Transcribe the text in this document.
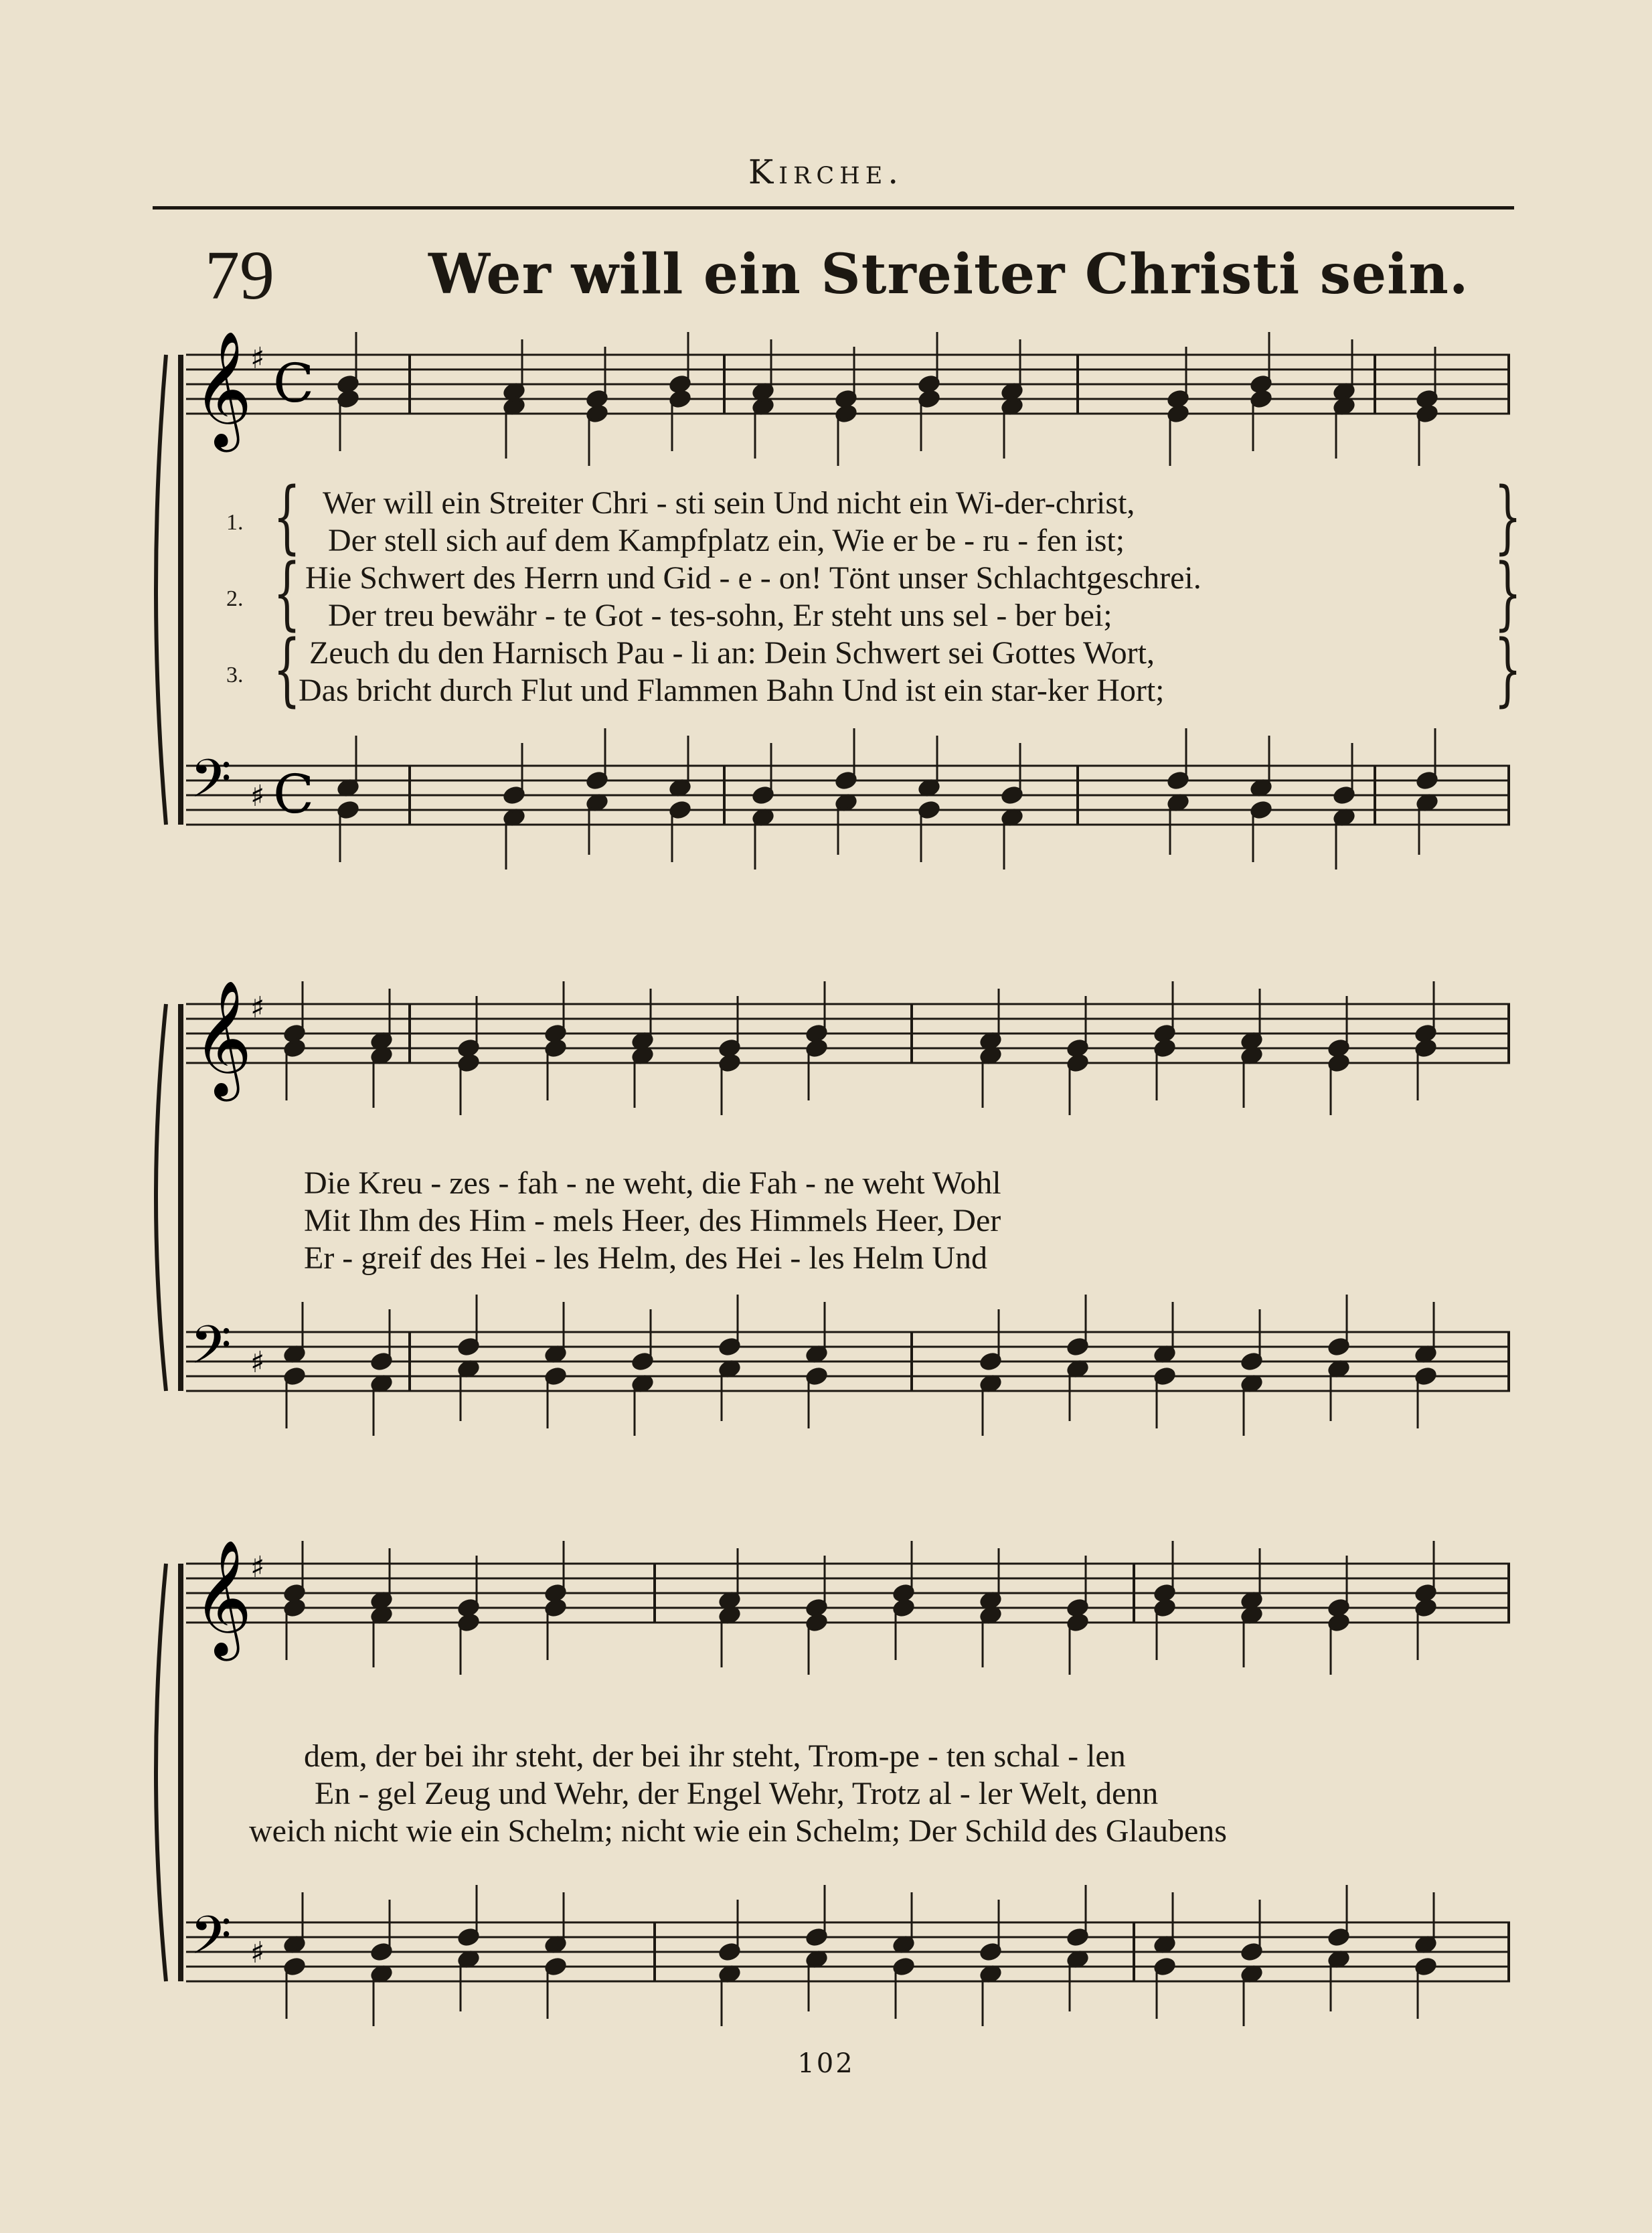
Kirche.
79	Wer will ein Streiter Christi sein.
𝄞
𝄢
♯
♯
C
C
𝄞
𝄢
♯
♯
𝄞
𝄢
♯
♯
1.
2.
3.
{
{
{
}
}
}
Wer will ein Streiter Chri - sti sein Und nicht ein Wi-der-christ,
Der stell sich auf dem Kampfplatz ein, Wie er be - ru - fen ist;
Hie Schwert des Herrn und Gid - e - on! Tönt unser Schlachtgeschrei.
Der treu bewähr - te Got - tes-sohn, Er steht uns sel - ber bei;
Zeuch du den Harnisch Pau - li an: Dein Schwert sei Gottes Wort,
Das bricht durch Flut und Flammen Bahn Und ist ein star-ker Hort;
Die Kreu - zes - fah - ne weht, die Fah - ne weht Wohl
Mit Ihm des Him - mels Heer, des Himmels Heer, Der
Er - greif des Hei - les Helm, des Hei - les Helm Und
dem, der bei ihr steht, der bei ihr steht, Trom-pe - ten schal - len
En - gel Zeug und Wehr, der Engel Wehr, Trotz al - ler Welt, denn
weich nicht wie ein Schelm; nicht wie ein Schelm; Der Schild des Glaubens
102
